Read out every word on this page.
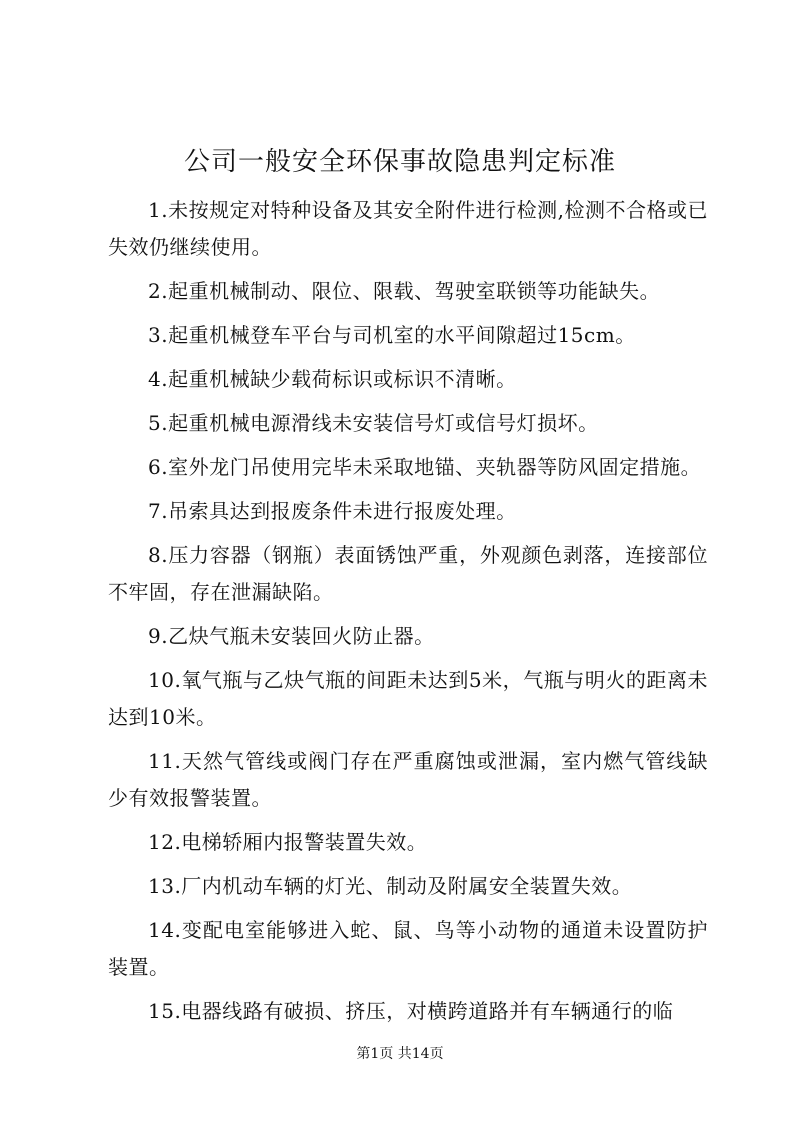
公司一般安全环保事故隐患判定标准

1.未按规定对特种设备及其安全附件进行检测,检测不合格或已失效仍继续使用。

2.起重机械制动、限位、限载、驾驶室联锁等功能缺失。

3.起重机械登车平台与司机室的水平间隙超过15cm。

4.起重机械缺少载荷标识或标识不清晰。

5.起重机械电源滑线未安装信号灯或信号灯损坏。

6.室外龙门吊使用完毕未采取地锚、夹轨器等防风固定措施。

7.吊索具达到报废条件未进行报废处理。

8.压力容器（钢瓶）表面锈蚀严重，外观颜色剥落，连接部位不牢固，存在泄漏缺陷。

9.乙炔气瓶未安装回火防止器。

10.氧气瓶与乙炔气瓶的间距未达到5米，气瓶与明火的距离未达到10米。

11.天然气管线或阀门存在严重腐蚀或泄漏，室内燃气管线缺少有效报警装置。

12.电梯轿厢内报警装置失效。

13.厂内机动车辆的灯光、制动及附属安全装置失效。

14.变配电室能够进入蛇、鼠、鸟等小动物的通道未设置防护装置。

15.电器线路有破损、挤压，对横跨道路并有车辆通行的临

第1页 共14页
